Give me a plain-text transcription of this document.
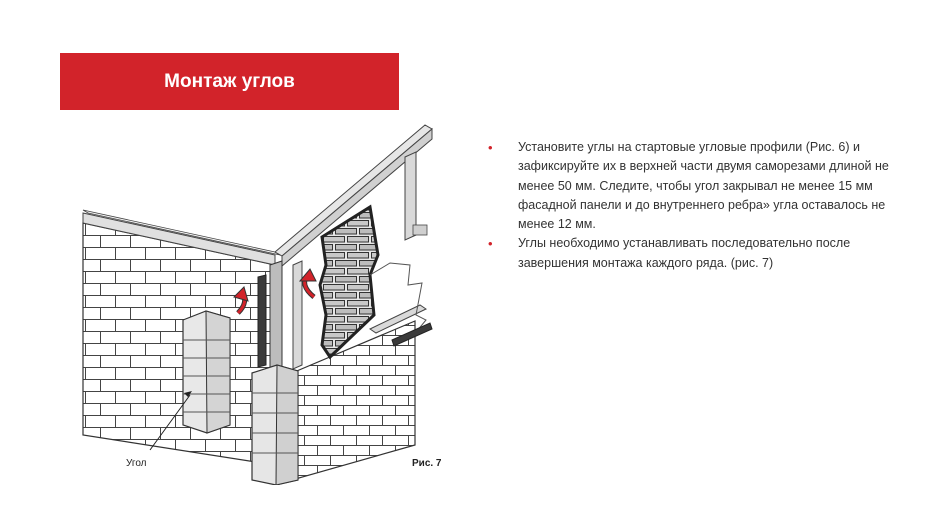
Монтаж углов
Угол	Рис. 7
• Установите углы на стартовые угловые профили (Рис. 6) и зафиксируйте их в верхней части двумя саморезами длиной не менее 50 мм. Следите, чтобы угол закрывал не менее 15 мм фасадной панели и до внутреннего ребра» угла оставалось не менее 12 мм.
• Углы необходимо устанавливать последовательно после завершения монтажа каждого ряда. (рис. 7)
